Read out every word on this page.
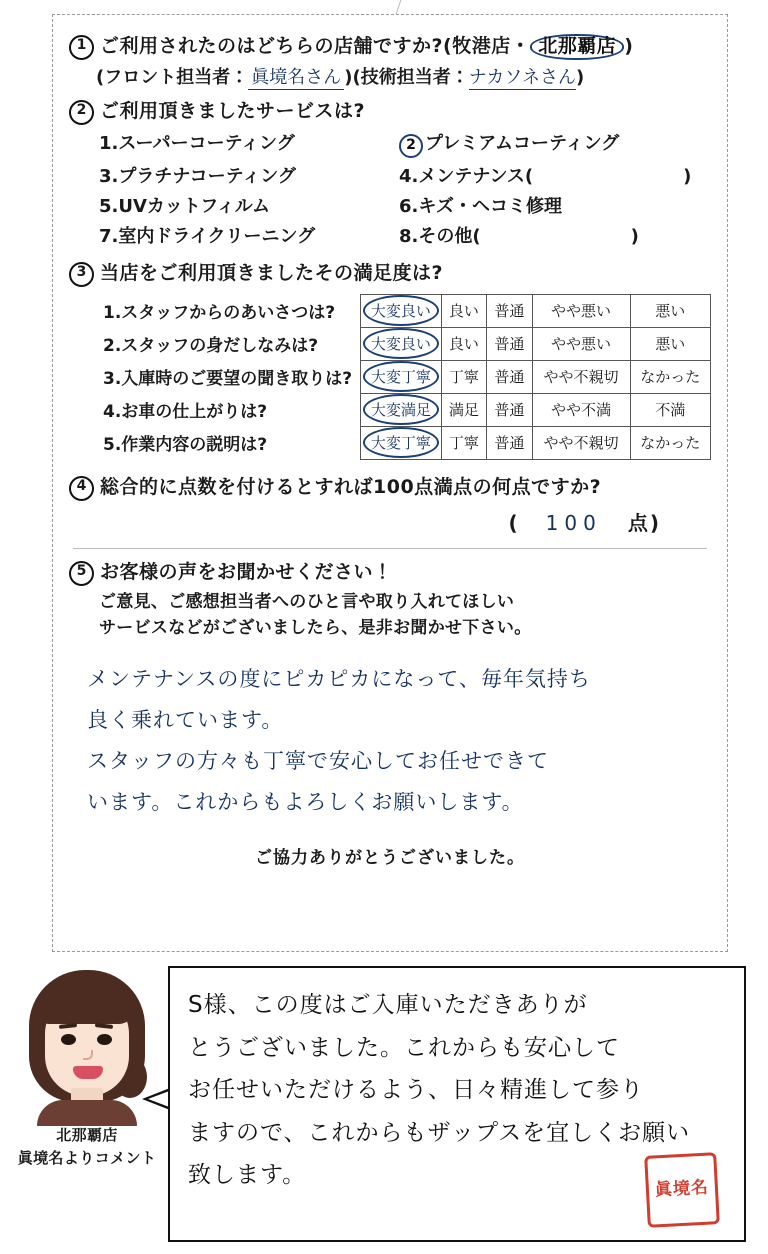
1 ご利用されたのはどちらの店舗ですか?(牧港店・ 北那覇店 )
(フロント担当者： 眞境名さん ) (技術担当者： ナカソネさん )
2 ご利用頂きましたサービスは?
1.スーパーコーティング	2 プレミアムコーティング
3.プラチナコーティング	4.メンテナンス(	)
5.UVカットフィルム	6.キズ・ヘコミ修理
7.室内ドライクリーニング	8.その他(	)
3 当店をご利用頂きましたその満足度は?
1.スタッフからのあいさつは?	大変良い	良い	普通	やや悪い	悪い
2.スタッフの身だしなみは?	大変良い	良い	普通	やや悪い	悪い
3.入庫時のご要望の聞き取りは?	大変丁寧	丁寧	普通	やや不親切	なかった
4.お車の仕上がりは?	大変満足	満足	普通	やや不満	不満
5.作業内容の説明は?	大変丁寧	丁寧	普通	やや不親切	なかった
4 総合的に点数を付けるとすれば100点満点の何点ですか?
( 100 点)
5 お客様の声をお聞かせください！
ご意見、ご感想担当者へのひと言や取り入れてほしい
サービスなどがございましたら、是非お聞かせ下さい。
メンテナンスの度にピカピカになって、毎年気持ち
良く乗れています。
スタッフの方々も丁寧で安心してお任せできて
います。これからもよろしくお願いします。
ご協力ありがとうございました。
北那覇店
眞境名よりコメント
S様、この度はご入庫いただきありが
とうございました。これからも安心して
お任せいただけるよう、日々精進して参り
ますので、これからもザップスを宜しくお願い
致します。
眞境名
